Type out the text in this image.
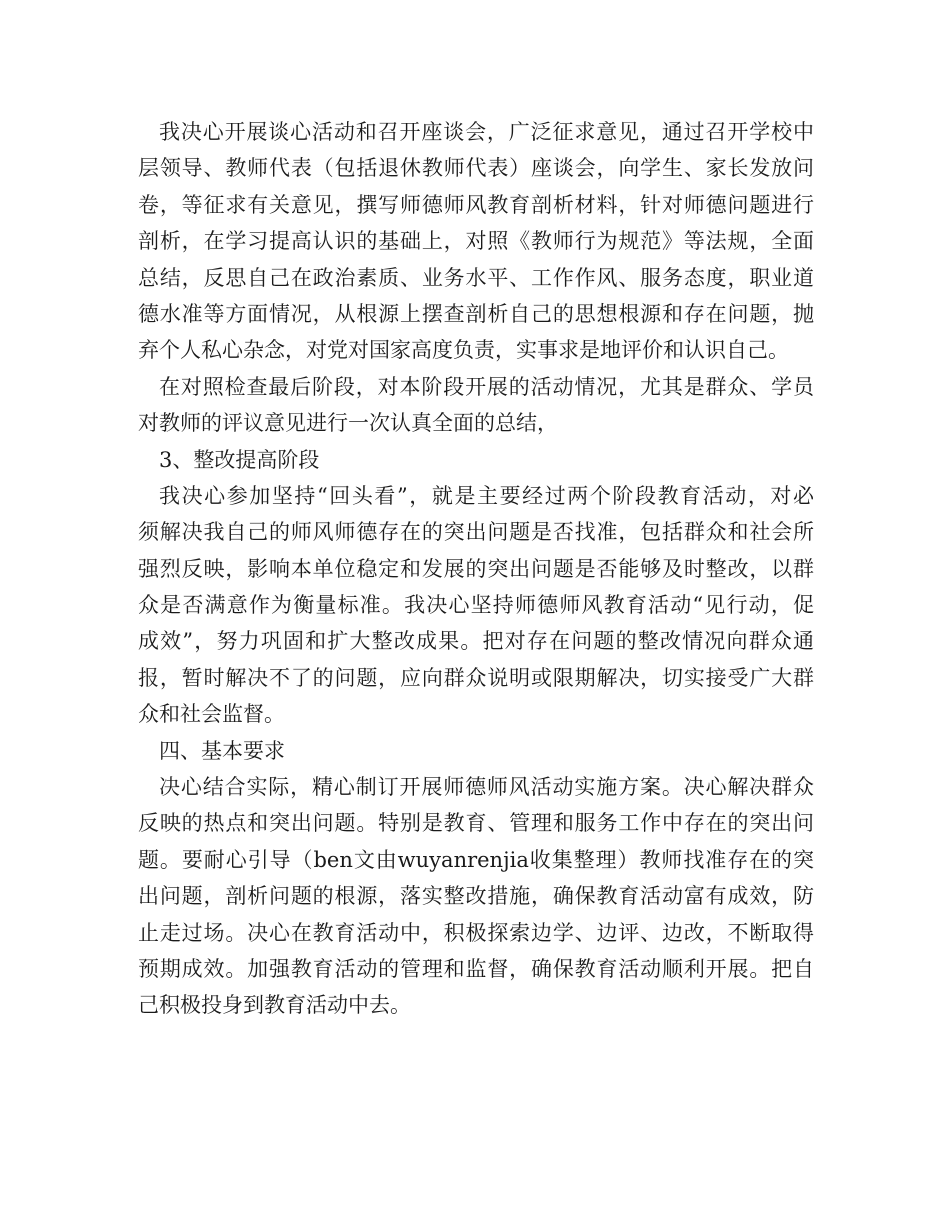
我决心开展谈心活动和召开座谈会，广泛征求意见，通过召开学校中
层领导、教师代表（包括退休教师代表）座谈会，向学生、家长发放问
卷，等征求有关意见，撰写师德师风教育剖析材料，针对师德问题进行
剖析，在学习提高认识的基础上，对照《教师行为规范》等法规，全面
总结，反思自己在政治素质、业务水平、工作作风、服务态度，职业道
德水准等方面情况，从根源上摆查剖析自己的思想根源和存在问题，抛
弃个人私心杂念，对党对国家高度负责，实事求是地评价和认识自己。
在对照检查最后阶段，对本阶段开展的活动情况，尤其是群众、学员
对教师的评议意见进行一次认真全面的总结，
3、整改提高阶段
我决心参加坚持“回头看”，就是主要经过两个阶段教育活动，对必
须解决我自己的师风师德存在的突出问题是否找准，包括群众和社会所
强烈反映，影响本单位稳定和发展的突出问题是否能够及时整改，以群
众是否满意作为衡量标准。我决心坚持师德师风教育活动“见行动，促
成效”，努力巩固和扩大整改成果。把对存在问题的整改情况向群众通
报，暂时解决不了的问题，应向群众说明或限期解决，切实接受广大群
众和社会监督。
四、基本要求
决心结合实际，精心制订开展师德师风活动实施方案。决心解决群众
反映的热点和突出问题。特别是教育、管理和服务工作中存在的突出问
题。要耐心引导（ben文由wuyanrenjia收集整理）教师找准存在的突
出问题，剖析问题的根源，落实整改措施，确保教育活动富有成效，防
止走过场。决心在教育活动中，积极探索边学、边评、边改，不断取得
预期成效。加强教育活动的管理和监督，确保教育活动顺利开展。把自
己积极投身到教育活动中去。
